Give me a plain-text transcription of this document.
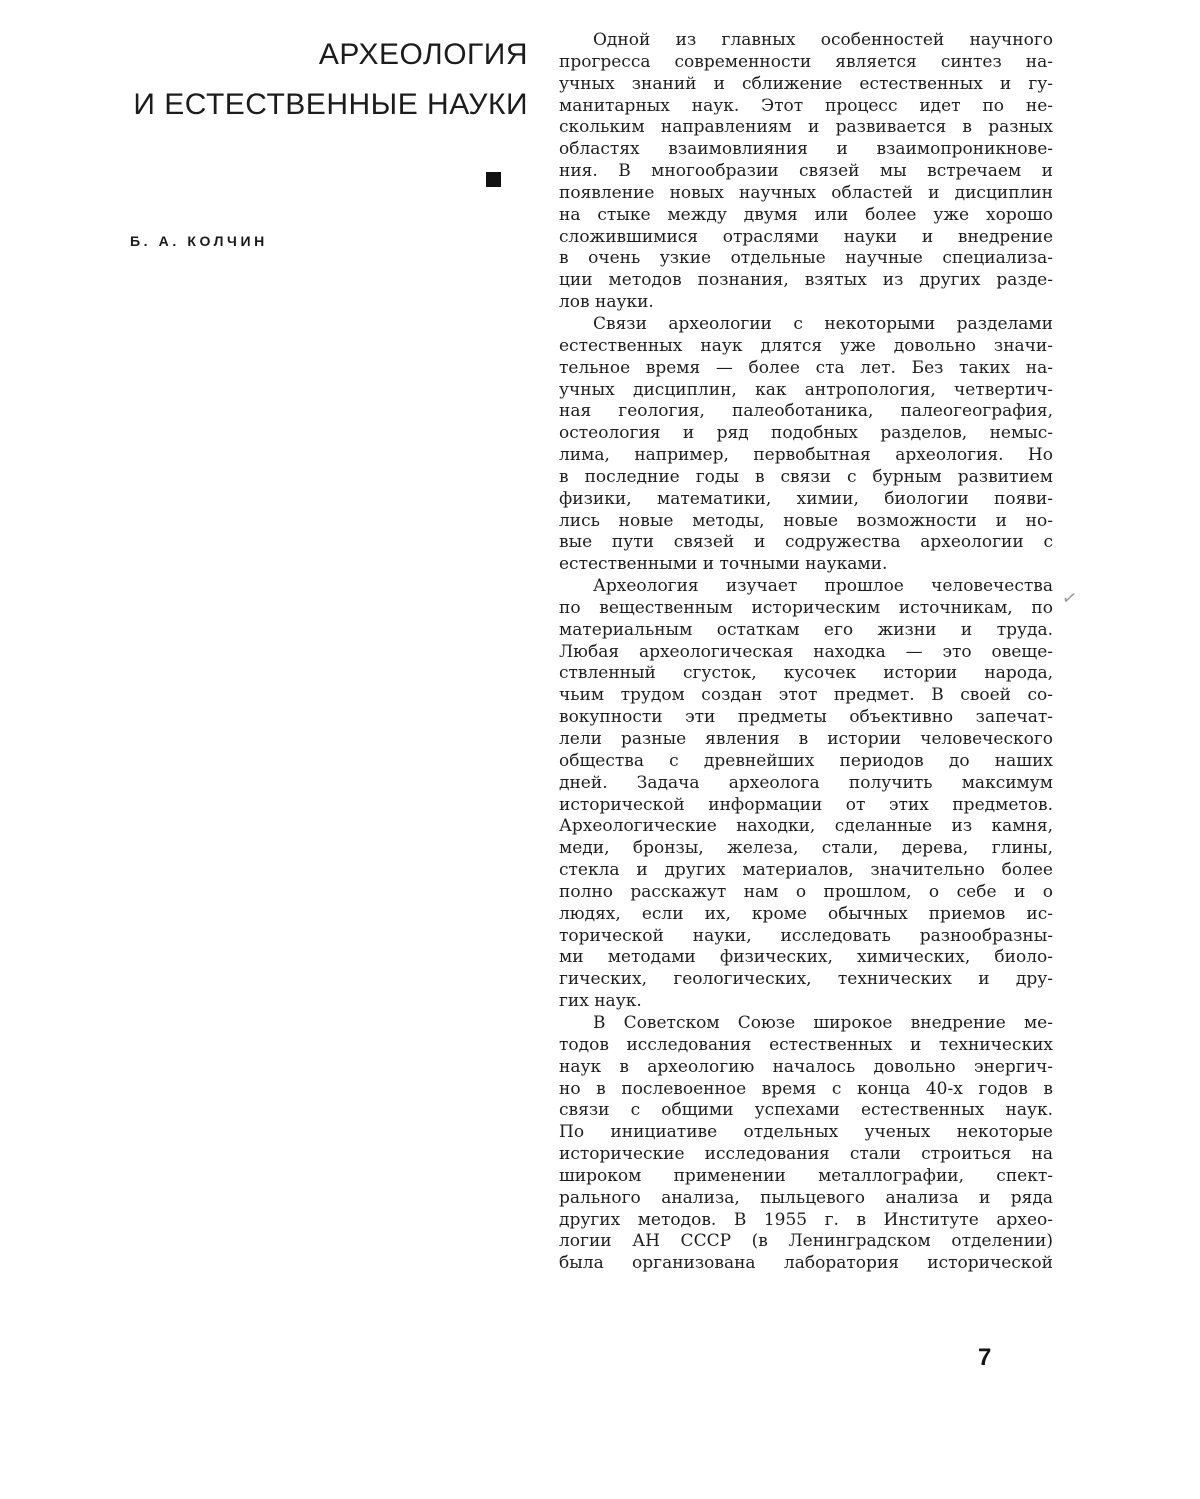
АРХЕОЛОГИЯ
И ЕСТЕСТВЕННЫЕ НАУКИ
Б. А. КОЛЧИН
Одной из главных особенностей научного
прогресса современности является синтез на-
учных знаний и сближение естественных и гу-
манитарных наук. Этот процесс идет по не-
скольким направлениям и развивается в разных
областях взаимовлияния и взаимопроникнове-
ния. В многообразии связей мы встречаем и
появление новых научных областей и дисциплин
на стыке между двумя или более уже хорошо
сложившимися отраслями науки и внедрение
в очень узкие отдельные научные специализа-
ции методов познания, взятых из других разде-
лов науки.
Связи археологии с некоторыми разделами
естественных наук длятся уже довольно значи-
тельное время — более ста лет. Без таких на-
учных дисциплин, как антропология, четвертич-
ная геология, палеоботаника, палеогеография,
остеология и ряд подобных разделов, немыс-
лима, например, первобытная археология. Но
в последние годы в связи с бурным развитием
физики, математики, химии, биологии появи-
лись новые методы, новые возможности и но-
вые пути связей и содружества археологии с
естественными и точными науками.
Археология изучает прошлое человечества
по вещественным историческим источникам, по
материальным остаткам его жизни и труда.
Любая археологическая находка — это овеще-
ствленный сгусток, кусочек истории народа,
чьим трудом создан этот предмет. В своей со-
вокупности эти предметы объективно запечат-
лели разные явления в истории человеческого
общества с древнейших периодов до наших
дней. Задача археолога получить максимум
исторической информации от этих предметов.
Археологические находки, сделанные из камня,
меди, бронзы, железа, стали, дерева, глины,
стекла и других материалов, значительно более
полно расскажут нам о прошлом, о себе и о
людях, если их, кроме обычных приемов ис-
торической науки, исследовать разнообразны-
ми методами физических, химических, биоло-
гических, геологических, технических и дру-
гих наук.
В Советском Союзе широкое внедрение ме-
тодов исследования естественных и технических
наук в археологию началось довольно энергич-
но в послевоенное время с конца 40-х годов в
связи с общими успехами естественных наук.
По инициативе отдельных ученых некоторые
исторические исследования стали строиться на
широком применении металлографии, спект-
рального анализа, пыльцевого анализа и ряда
других методов. В 1955 г. в Институте архео-
логии АН СССР (в Ленинградском отделении)
была организована лаборатория исторической
✓
7
